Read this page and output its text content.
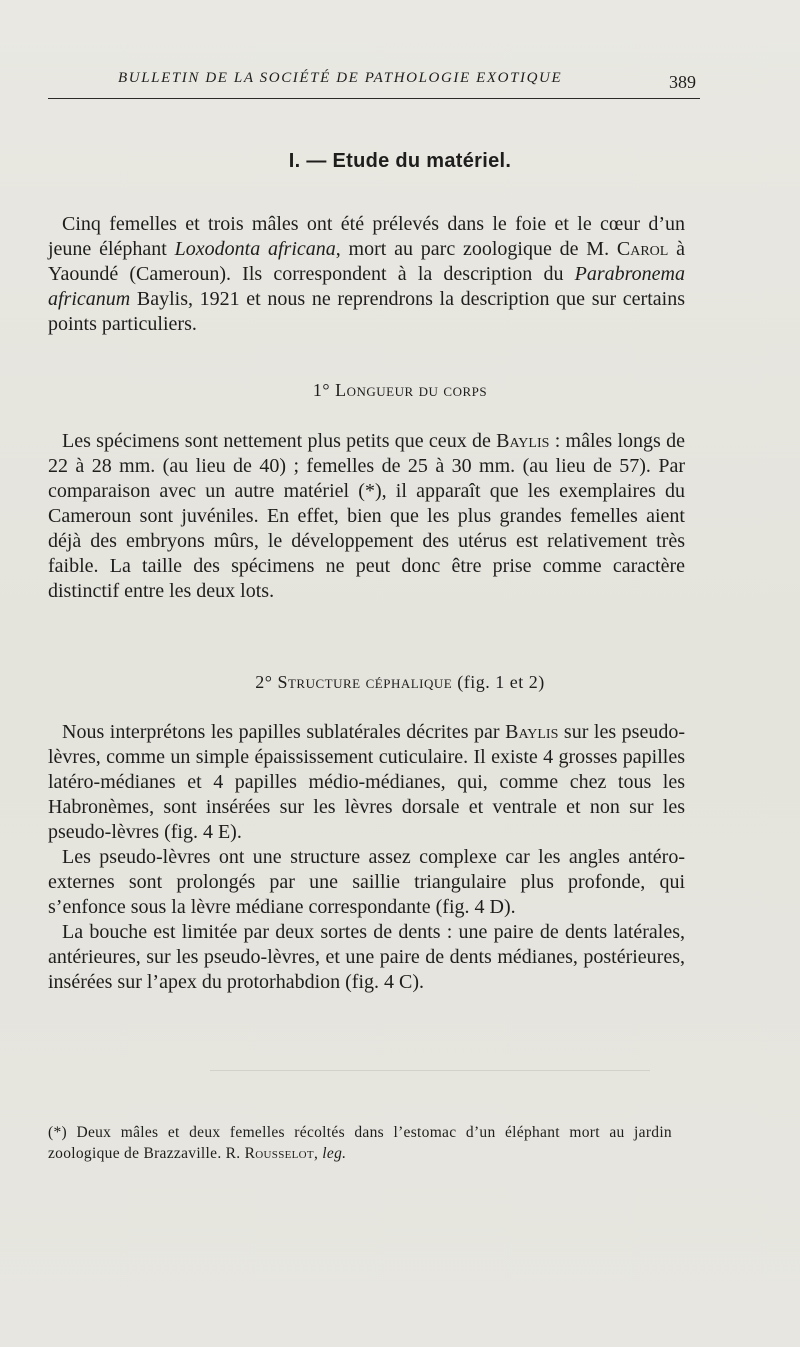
BULLETIN DE LA SOCIÉTÉ DE PATHOLOGIE EXOTIQUE	389
I. — Etude du matériel.

Cinq femelles et trois mâles ont été prélevés dans le foie et le cœur d’un jeune éléphant Loxodonta africana, mort au parc zoologique de M. Carol à Yaoundé (Cameroun). Ils correspondent à la description du Parabronema africanum Baylis, 1921 et nous ne reprendrons la description que sur certains points particuliers.

1° Longueur du corps

Les spécimens sont nettement plus petits que ceux de Baylis : mâles longs de 22 à 28 mm. (au lieu de 40) ; femelles de 25 à 30 mm. (au lieu de 57). Par comparaison avec un autre matériel (*), il apparaît que les exemplaires du Cameroun sont juvéniles. En effet, bien que les plus grandes femelles aient déjà des embryons mûrs, le développement des utérus est relativement très faible. La taille des spécimens ne peut donc être prise comme caractère distinctif entre les deux lots.

2° Structure céphalique (fig. 1 et 2)

Nous interprétons les papilles sublatérales décrites par Baylis sur les pseudo-lèvres, comme un simple épaississement cuticulaire. Il existe 4 grosses papilles latéro-médianes et 4 papilles médio-médianes, qui, comme chez tous les Habronèmes, sont insérées sur les lèvres dorsale et ventrale et non sur les pseudo-lèvres (fig. 4 E).

Les pseudo-lèvres ont une structure assez complexe car les angles antéro-externes sont prolongés par une saillie triangulaire plus profonde, qui s’enfonce sous la lèvre médiane correspondante (fig. 4 D).

La bouche est limitée par deux sortes de dents : une paire de dents latérales, antérieures, sur les pseudo-lèvres, et une paire de dents médianes, postérieures, insérées sur l’apex du protorhabdion (fig. 4 C).

(*) Deux mâles et deux femelles récoltés dans l’estomac d’un éléphant mort au jardin zoologique de Brazzaville. R. Rousselot, leg.
